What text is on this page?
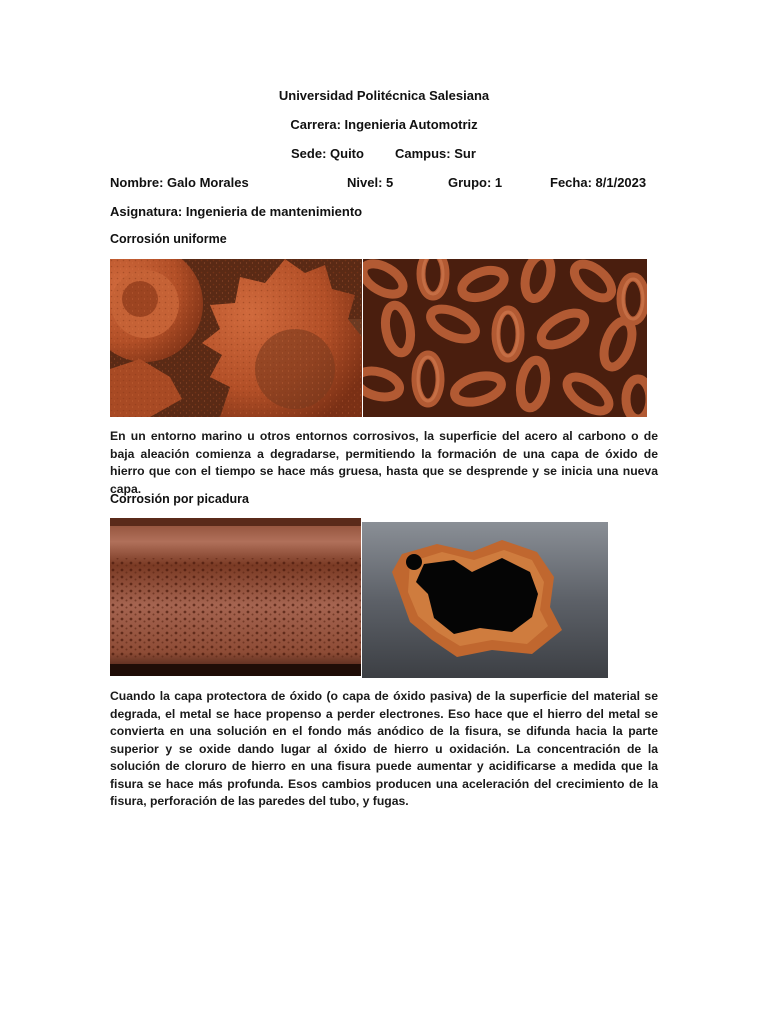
Universidad Politécnica Salesiana
Carrera: Ingenieria Automotriz
Sede: Quito Campus: Sur
Nombre: Galo Morales	Nivel: 5	Grupo: 1	Fecha: 8/1/2023
Asignatura: Ingenieria de mantenimiento
Corrosión uniforme

En un entorno marino u otros entornos corrosivos, la superficie del acero al carbono o de baja aleación comienza a degradarse, permitiendo la formación de una capa de óxido de hierro que con el tiempo se hace más gruesa, hasta que se desprende y se inicia una nueva capa.

Corrosión por picadura

Cuando la capa protectora de óxido (o capa de óxido pasiva) de la superficie del material se degrada, el metal se hace propenso a perder electrones. Eso hace que el hierro del metal se convierta en una solución en el fondo más anódico de la fisura, se difunda hacia la parte superior y se oxide dando lugar al óxido de hierro u oxidación. La concentración de la solución de cloruro de hierro en una fisura puede aumentar y acidificarse a medida que la fisura se hace más profunda. Esos cambios producen una aceleración del crecimiento de la fisura, perforación de las paredes del tubo, y fugas.
